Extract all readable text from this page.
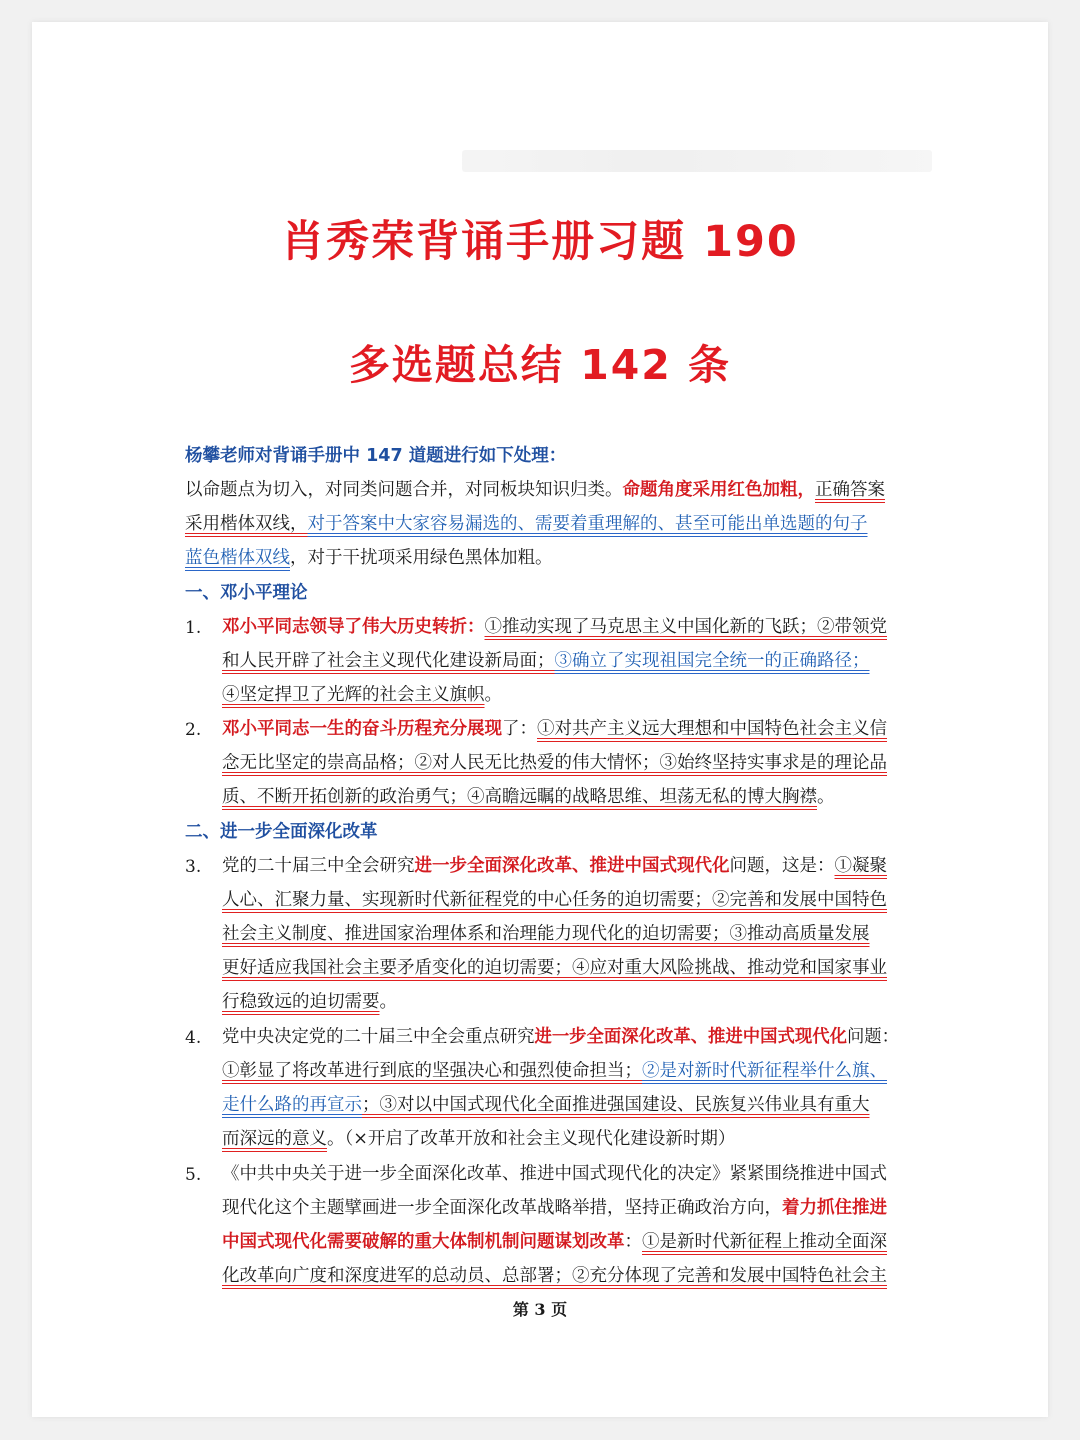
肖秀荣背诵手册习题 190
多选题总结 142 条
杨攀老师对背诵手册中 147 道题进行如下处理：
以命题点为切入，对同类问题合并，对同板块知识归类。命题角度采用红色加粗，正确答案
采用楷体双线，对于答案中大家容易漏选的、需要着重理解的、甚至可能出单选题的句子
蓝色楷体双线，对于干扰项采用绿色黑体加粗。
一、邓小平理论
1. 邓小平同志领导了伟大历史转折：①推动实现了马克思主义中国化新的飞跃；②带领党
和人民开辟了社会主义现代化建设新局面；③确立了实现祖国完全统一的正确路径；
④坚定捍卫了光辉的社会主义旗帜。
2. 邓小平同志一生的奋斗历程充分展现了：①对共产主义远大理想和中国特色社会主义信
念无比坚定的崇高品格；②对人民无比热爱的伟大情怀；③始终坚持实事求是的理论品
质、不断开拓创新的政治勇气；④高瞻远瞩的战略思维、坦荡无私的博大胸襟。
二、进一步全面深化改革
3. 党的二十届三中全会研究进一步全面深化改革、推进中国式现代化问题，这是：①凝聚
人心、汇聚力量、实现新时代新征程党的中心任务的迫切需要；②完善和发展中国特色
社会主义制度、推进国家治理体系和治理能力现代化的迫切需要；③推动高质量发展
更好适应我国社会主要矛盾变化的迫切需要；④应对重大风险挑战、推动党和国家事业
行稳致远的迫切需要。
4. 党中央决定党的二十届三中全会重点研究进一步全面深化改革、推进中国式现代化问题：
①彰显了将改革进行到底的坚强决心和强烈使命担当；②是对新时代新征程举什么旗、
走什么路的再宣示；③对以中国式现代化全面推进强国建设、民族复兴伟业具有重大
而深远的意义。（×开启了改革开放和社会主义现代化建设新时期）
5. 《中共中央关于进一步全面深化改革、推进中国式现代化的决定》紧紧围绕推进中国式
现代化这个主题擘画进一步全面深化改革战略举措，坚持正确政治方向，着力抓住推进
中国式现代化需要破解的重大体制机制问题谋划改革：①是新时代新征程上推动全面深
化改革向广度和深度进军的总动员、总部署；②充分体现了完善和发展中国特色社会主
第 3 页
